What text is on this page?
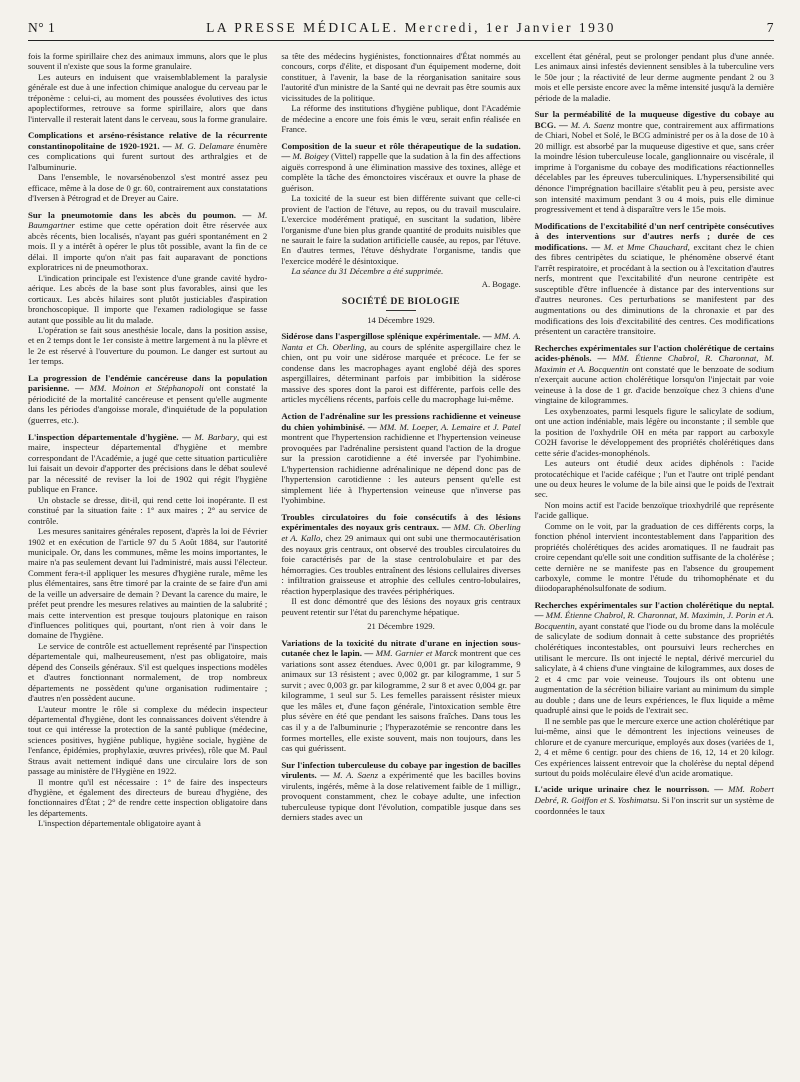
N° 1	LA PRESSE MÉDICALE. Mercredi, 1er Janvier 1930	7

fois la forme spirillaire chez des animaux immuns, alors que le plus souvent il n'existe que sous la forme granulaire.

Les auteurs en induisent que vraisemblablement la paralysie générale est due à une infection chimique analogue du cerveau par le tréponème : celui-ci, au moment des poussées évolutives des ictus apoplectiformes, retrouve sa forme spirillaire, alors que dans l'intervalle il resterait latent dans le cerveau, sous la forme granulaire.

Complications et arséno-résistance relative de la récurrente constantinopolitaine de 1920-1921. — M. G. Delamare énumère ces complications qui furent surtout des arthralgies et de l'albuminurie.

Dans l'ensemble, le novarsénobenzol s'est montré assez peu efficace, même à la dose de 0 gr. 60, contrairement aux constatations d'Iversen à Pétrograd et de Dreyer au Caire.

Sur la pneumotomie dans les abcès du poumon. — M. Baumgartner estime que cette opération doit être réservée aux abcès récents, bien localisés, n'ayant pas guéri spontanément en 2 mois. Il y a intérêt à opérer le plus tôt possible, avant la fin de ce délai. Il importe qu'on n'ait pas fait auparavant de ponctions exploratrices ni de pneumothorax.

L'indication principale est l'existence d'une grande cavité hydro-aérique. Les abcès de la base sont plus favorables, ainsi que les corticaux. Les abcès hilaires sont plutôt justiciables d'aspiration bronchoscopique. Il importe que l'examen radiologique se fasse autant que possible au lit du malade.

L'opération se fait sous anesthésie locale, dans la position assise, et en 2 temps dont le 1er consiste à mettre largement à nu la plèvre et le 2e est réservé à l'ouverture du poumon. Le danger est surtout au 1er temps.

La progression de l'endémie cancéreuse dans la population parisienne. — MM. Moinon et Stéphanopoli ont constaté la périodicité de la mortalité cancéreuse et pensent qu'elle augmente dans les périodes d'angoisse morale, d'inquiétude de la population (guerres, etc.).
L'inspection départementale d'hygiène. — M. Barbary, qui est maire, inspecteur départemental d'hygiène et membre correspondant de l'Académie, a jugé que cette situation particulière lui faisait un devoir d'apporter des précisions dans le débat soulevé par la nécessité de reviser la loi de 1902 qui régit l'hygiène publique en France.

Un obstacle se dresse, dit-il, qui rend cette loi inopérante. Il est constitué par la situation faite : 1° aux maires ; 2° au service de contrôle.

Les mesures sanitaires générales reposent, d'après la loi de Février 1902 et en exécution de l'article 97 du 5 Août 1884, sur l'autorité municipale. Or, dans les communes, même les moins importantes, le maire n'a pas seulement devant lui l'administré, mais aussi l'électeur. Comment fera-t-il appliquer les mesures d'hygiène rurale, même les plus élémentaires, sans être timoré par la crainte de se faire d'un ami de la veille un adversaire de demain ? Devant la carence du maire, le préfet peut prendre les mesures relatives au maintien de la salubrité ; mais cette intervention est presque toujours platonique en raison d'influences politiques qui, pourtant, n'ont rien à voir dans le domaine de l'hygiène.

Le service de contrôle est actuellement représenté par l'inspection départementale qui, malheureusement, n'est pas obligatoire, mais dépend des Conseils généraux. S'il est quelques inspections modèles et d'autres fonctionnant normalement, de trop nombreux départements ne possèdent qu'une organisation rudimentaire ; d'autres n'en possèdent aucune.

L'auteur montre le rôle si complexe du médecin inspecteur départemental d'hygiène, dont les connaissances doivent s'étendre à tout ce qui intéresse la protection de la santé publique (médecine, sciences positives, hygiène publique, hygiène sociale, hygiène de l'enfance, épidémies, prophylaxie, œuvres privées), rôle que M. Paul Straus avait nettement indiqué dans une circulaire lors de son passage au ministère de l'Hygiène en 1922.

Il montre qu'il est nécessaire : 1° de faire des inspecteurs d'hygiène, et également des directeurs de bureau d'hygiène, des fonctionnaires d'État ; 2° de rendre cette inspection obligatoire dans les départements.

L'inspection départementale obligatoire ayant à

sa tête des médecins hygiénistes, fonctionnaires d'État nommés au concours, corps d'élite, et disposant d'un équipement moderne, doit constituer, à l'avenir, la base de la réorganisation sanitaire sous l'autorité d'un ministre de la Santé qui ne devrait pas être soumis aux vicissitudes de la politique.

La réforme des institutions d'hygiène publique, dont l'Académie de médecine a encore une fois émis le vœu, serait enfin réalisée en France.

Composition de la sueur et rôle thérapeutique de la sudation. — M. Boigey (Vittel) rappelle que la sudation à la fin des affections aiguës correspond à une élimination massive des toxines, allège et complète la tâche des émonctoires viscéraux et ouvre la phase de guérison.

La toxicité de la sueur est bien différente suivant que celle-ci provient de l'action de l'étuve, au repos, ou du travail musculaire. L'exercice modérément pratiqué, en suscitant la sudation, libère l'organisme d'une bien plus grande quantité de produits nuisibles que ne saurait le faire la sudation artificielle causée, au repos, par l'étuve. En d'autres termes, l'étuve déshydrate l'organisme, tandis que l'exercice modéré le désintoxique.

La séance du 31 Décembre a été supprimée.

A. Bogage.

SOCIÉTÉ DE BIOLOGIE

14 Décembre 1929.

Sidérose dans l'aspergillose splénique expérimentale. — MM. A. Nanta et Ch. Oberling, au cours de splénite aspergillaire chez le chien, ont pu voir une sidérose marquée et précoce. Le fer se condense dans les macrophages ayant englobé déjà des spores aspergillaires, déterminant parfois par imbibition la sidérose massive des spores dont la paroi est différente, parfois celle des articles mycéliens récents, parfois celle du macrophage lui-même.
Action de l'adrénaline sur les pressions rachidienne et veineuse du chien yohimbinisé. — MM. M. Loeper, A. Lemaire et J. Patel montrent que l'hypertension rachidienne et l'hypertension veineuse provoquées par l'adrénaline persistent quand l'action de la drogue sur la pression carotidienne a été inversée par l'yohimbine. L'hypertension rachidienne adrénalinique ne dépend donc pas de l'hypertension carotidienne : les auteurs pensent qu'elle est simplement liée à l'hypertension veineuse que n'inverse pas l'yohimbine.
Troubles circulatoires du foie consécutifs à des lésions expérimentales des noyaux gris centraux. — MM. Ch. Oberling et A. Kallo, chez 29 animaux qui ont subi une thermocautérisation des noyaux gris centraux, ont observé des troubles circulatoires du foie caractérisés par de la stase centrolobulaire et par des hémorragies. Ces troubles entraînent des lésions cellulaires diverses : infiltration graisseuse et atrophie des cellules centro-lobulaires, réaction hyperplasique des travées périphériques.

Il est donc démontré que des lésions des noyaux gris centraux peuvent retentir sur l'état du parenchyme hépatique.

21 Décembre 1929.

Variations de la toxicité du nitrate d'urane en injection sous-cutanée chez le lapin. — MM. Garnier et Marck montrent que ces variations sont assez étendues. Avec 0,001 gr. par kilogramme, 9 animaux sur 13 résistent ; avec 0,002 gr. par kilogramme, 1 sur 5 survit ; avec 0,003 gr. par kilogramme, 2 sur 8 et avec 0,004 gr. par kilogramme, 1 seul sur 5. Les femelles paraissent résister mieux que les mâles et, d'une façon générale, l'intoxication semble être plus sévère en été que pendant les saisons fraîches. Dans tous les cas il y a de l'albuminurie ; l'hyperazotémie se rencontre dans les formes mortelles, elle existe souvent, mais non toujours, dans les cas qui guérissent.
Sur l'infection tuberculeuse du cobaye par ingestion de bacilles virulents. — M. A. Saenz a expérimenté que les bacilles bovins virulents, ingérés, même à la dose relativement faible de 1 milligr., provoquent constamment, chez le cobaye adulte, une infection tuberculeuse typique dont l'évolution, compatible jusque dans ses derniers stades avec un

excellent état général, peut se prolonger pendant plus d'une année. Les animaux ainsi infestés deviennent sensibles à la tuberculine vers le 50e jour ; la réactivité de leur derme augmente pendant 2 ou 3 mois et elle persiste encore avec la même intensité jusqu'à la dernière période de la maladie.

Sur la perméabilité de la muqueuse digestive du cobaye au BCG. — M. A. Saenz montre que, contrairement aux affirmations de Chiari, Nobel et Solé, le BCG administré per os à la dose de 10 à 20 milligr. est absorbé par la muqueuse digestive et que, sans créer la moindre lésion tuberculeuse locale, ganglionnaire ou viscérale, il imprime à l'organisme du cobaye des modifications réactionnelles décelables par les épreuves tuberculiniques. L'hypersensibilité qui dénonce l'imprégnation bacillaire s'établit peu à peu, persiste avec son intensité maximum pendant 3 ou 4 mois, puis elle diminue progressivement et tend à disparaître vers le 15e mois.
Modifications de l'excitabilité d'un nerf centripète consécutives à des interventions sur d'autres nerfs ; durée de ces modifications. — M. et Mme Chauchard, excitant chez le chien des fibres centripètes du sciatique, le phénomène observé étant l'arrêt respiratoire, et procédant à la section ou à l'excitation d'autres nerfs, montrent que l'excitabilité d'un neurone centripète est susceptible d'être influencée à distance par des interventions sur d'autres neurones. Ces perturbations se manifestent par des augmentations ou des diminutions de la chronaxie et par des modifications des lois d'excitabilité des centres. Ces modifications présentent un caractère transitoire.
Recherches expérimentales sur l'action cholérétique de certains acides-phénols. — MM. Étienne Chabrol, R. Charonnat, M. Maximin et A. Bocquentin ont constaté que le benzoate de sodium n'exerçait aucune action cholérétique lorsqu'on l'injectait par voie veineuse à la dose de 1 gr. d'acide benzoïque chez 3 chiens d'une vingtaine de kilogrammes.

Les oxybenzoates, parmi lesquels figure le salicylate de sodium, ont une action indéniable, mais légère ou inconstante ; il semble que la position de l'oxhydrile OH en méta par rapport au carboxyle CO2H favorise le développement des propriétés cholérétiques dans cette série d'acides-monophénols.

Les auteurs ont étudié deux acides diphénols : l'acide protocatéchique et l'acide caféique ; l'un et l'autre ont triplé pendant une ou deux heures le volume de la bile ainsi que le poids de l'extrait sec.

Non moins actif est l'acide benzoïque trioxhydrilé que représente l'acide gallique.

Comme on le voit, par la graduation de ces différents corps, la fonction phénol intervient incontestablement dans l'apparition des propriétés cholérétiques des acides aromatiques. Il ne faudrait pas croire cependant qu'elle soit une condition suffisante de la cholérèse ; cette dernière ne se manifeste pas en l'absence du groupement carboxyle, comme le montre l'étude du trihomophénate et du diiodoparaphénolsulfonate de sodium.

Recherches expérimentales sur l'action cholérétique du neptal. — MM. Étienne Chabrol, R. Charonnat, M. Maximin, J. Porin et A. Bocquentin, ayant constaté que l'iode ou du brome dans la molécule de salicylate de sodium donnait à cette substance des propriétés cholérétiques incontestables, ont poursuivi leurs recherches en utilisant le mercure. Ils ont injecté le neptal, dérivé mercuriel du salicylate, à 4 chiens d'une vingtaine de kilogrammes, aux doses de 2 et 4 cmc par voie veineuse. Toujours ils ont obtenu une augmentation de la sécrétion biliaire variant au minimum du simple au double ; dans une de leurs expériences, le flux liquide a même quadruplé ainsi que le poids de l'extrait sec.

Il ne semble pas que le mercure exerce une action cholérétique par lui-même, ainsi que le démontrent les injections veineuses de chlorure et de cyanure mercurique, employés aux doses (variées de 1, 2, 4 et même 6 centigr. pour des chiens de 16, 12, 14 et 20 kilogr. Ces expériences laissent entrevoir que la cholérèse du neptal dépend surtout du poids moléculaire élevé d'un acide aromatique.

L'acide urique urinaire chez le nourrisson. — MM. Robert Debré, R. Goiffon et S. Yoshimatsu. Si l'on inscrit sur un système de coordonnées le taux
